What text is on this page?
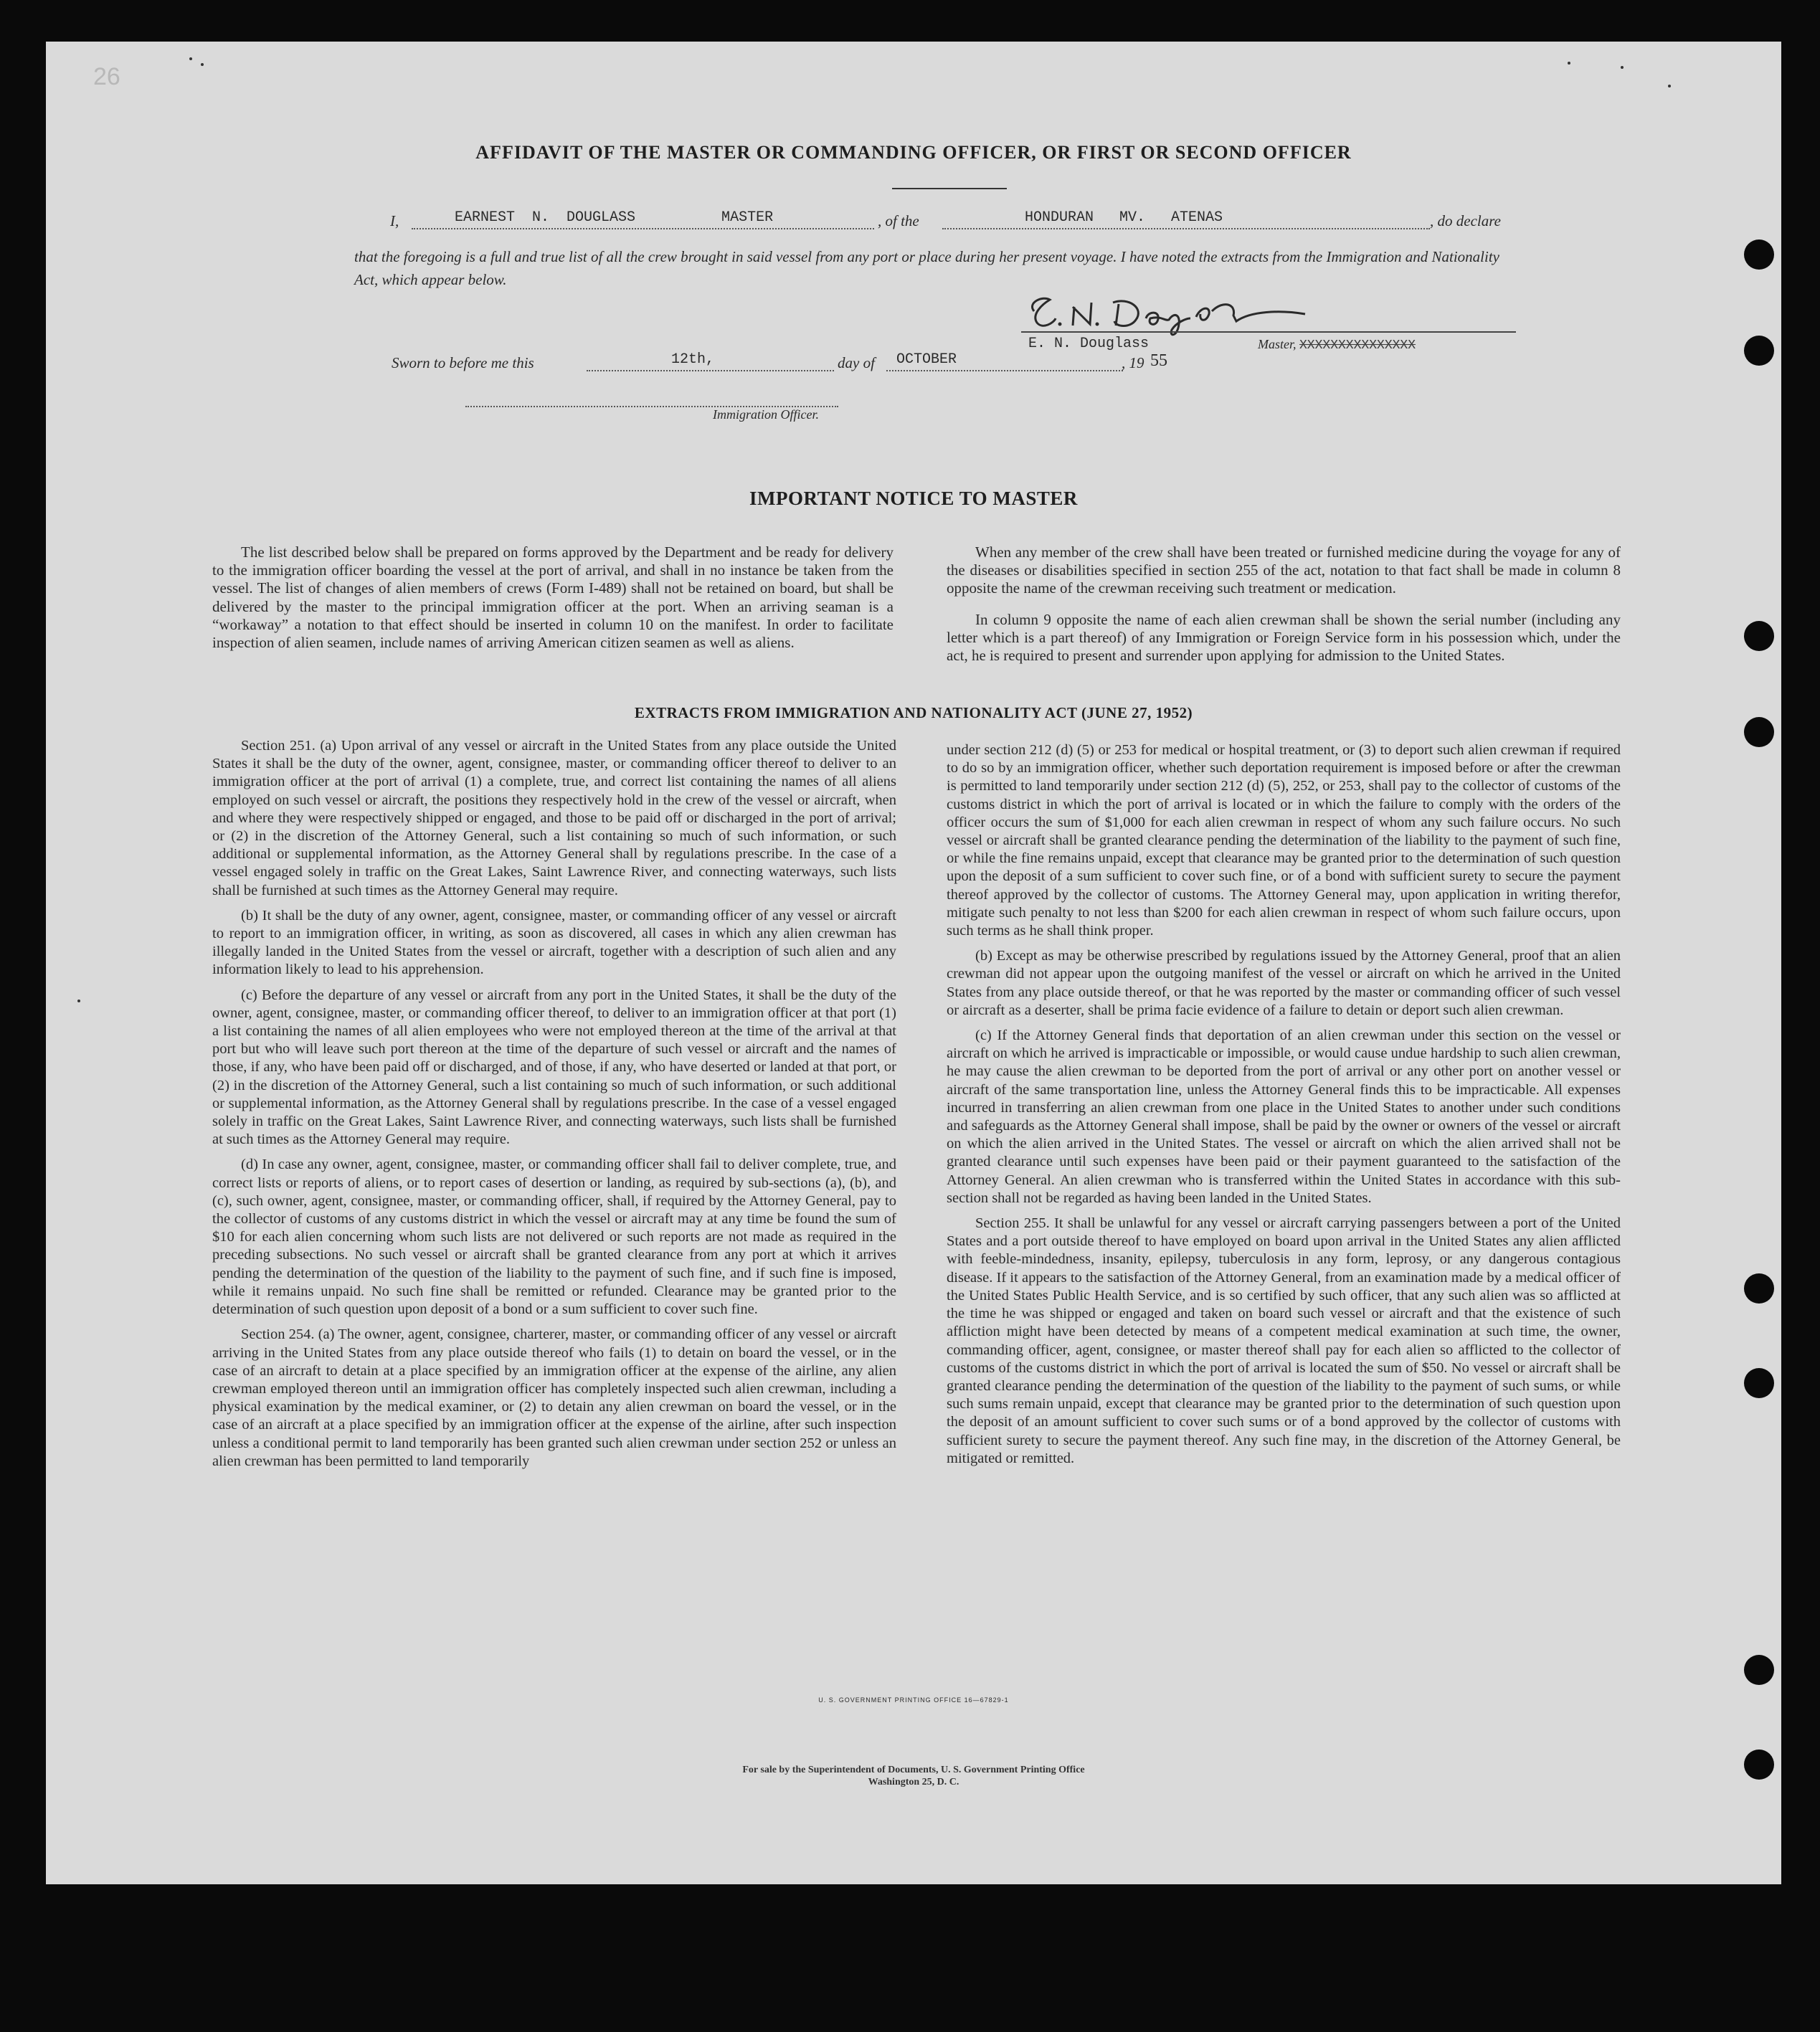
26
AFFIDAVIT OF THE MASTER OR COMMANDING OFFICER, OR FIRST OR SECOND OFFICER
I,	EARNEST  N.  DOUGLASS          MASTER	, of the	HONDURAN   MV.   ATENAS	, do declare
that the foregoing is a full and true list of all the crew brought in said vessel from any port or place during her present voyage. I have noted the extracts from the Immigration and Nationality Act, which appear below.
E. N. Douglass	Master, XXXXXXXXXXXXXXX
Sworn to before me this	12th,	day of OCTOBER	, 19 55
Immigration Officer.
IMPORTANT NOTICE TO MASTER

The list described below shall be prepared on forms approved by the Department and be ready for delivery to the immigration officer boarding the vessel at the port of arrival, and shall in no instance be taken from the vessel. The list of changes of alien members of crews (Form I-489) shall not be retained on board, but shall be delivered by the master to the principal immigration officer at the port. When an arriving seaman is a “workaway” a notation to that effect should be inserted in column 10 on the manifest. In order to facilitate inspection of alien seamen, include names of arriving American citizen seamen as well as aliens.

When any member of the crew shall have been treated or furnished medicine during the voyage for any of the diseases or disabilities specified in section 255 of the act, notation to that fact shall be made in column 8 opposite the name of the crewman receiving such treatment or medication.

In column 9 opposite the name of each alien crewman shall be shown the serial number (including any letter which is a part thereof) of any Immigration or Foreign Service form in his possession which, under the act, he is required to present and surrender upon applying for admission to the United States.

EXTRACTS FROM IMMIGRATION AND NATIONALITY ACT (JUNE 27, 1952)

Section 251. (a) Upon arrival of any vessel or aircraft in the United States from any place outside the United States it shall be the duty of the owner, agent, consignee, master, or commanding officer thereof to deliver to an immigration officer at the port of arrival (1) a complete, true, and correct list containing the names of all aliens employed on such vessel or aircraft, the positions they respectively hold in the crew of the vessel or aircraft, when and where they were respectively shipped or engaged, and those to be paid off or discharged in the port of arrival; or (2) in the discretion of the Attorney General, such a list containing so much of such information, or such additional or supplemental information, as the Attorney General shall by regulations prescribe. In the case of a vessel engaged solely in traffic on the Great Lakes, Saint Lawrence River, and connecting waterways, such lists shall be furnished at such times as the Attorney General may require.

(b) It shall be the duty of any owner, agent, consignee, master, or commanding officer of any vessel or aircraft to report to an immigration officer, in writing, as soon as discovered, all cases in which any alien crewman has illegally landed in the United States from the vessel or aircraft, together with a description of such alien and any information likely to lead to his apprehension.

(c) Before the departure of any vessel or aircraft from any port in the United States, it shall be the duty of the owner, agent, consignee, master, or commanding officer thereof, to deliver to an immigration officer at that port (1) a list containing the names of all alien employees who were not employed thereon at the time of the arrival at that port but who will leave such port thereon at the time of the departure of such vessel or aircraft and the names of those, if any, who have been paid off or discharged, and of those, if any, who have deserted or landed at that port, or (2) in the discretion of the Attorney General, such a list containing so much of such information, or such additional or supplemental information, as the Attorney General shall by regulations prescribe. In the case of a vessel engaged solely in traffic on the Great Lakes, Saint Lawrence River, and connecting waterways, such lists shall be furnished at such times as the Attorney General may require.

(d) In case any owner, agent, consignee, master, or commanding officer shall fail to deliver complete, true, and correct lists or reports of aliens, or to report cases of desertion or landing, as required by sub-sections (a), (b), and (c), such owner, agent, consignee, master, or commanding officer, shall, if required by the Attorney General, pay to the collector of customs of any customs district in which the vessel or aircraft may at any time be found the sum of $10 for each alien concerning whom such lists are not delivered or such reports are not made as required in the preceding subsections. No such vessel or aircraft shall be granted clearance from any port at which it arrives pending the determination of the question of the liability to the payment of such fine, and if such fine is imposed, while it remains unpaid. No such fine shall be remitted or refunded. Clearance may be granted prior to the determination of such question upon deposit of a bond or a sum sufficient to cover such fine.

Section 254. (a) The owner, agent, consignee, charterer, master, or commanding officer of any vessel or aircraft arriving in the United States from any place outside thereof who fails (1) to detain on board the vessel, or in the case of an aircraft to detain at a place specified by an immigration officer at the expense of the airline, any alien crewman employed thereon until an immigration officer has completely inspected such alien crewman, including a physical examination by the medical examiner, or (2) to detain any alien crewman on board the vessel, or in the case of an aircraft at a place specified by an immigration officer at the expense of the airline, after such inspection unless a conditional permit to land temporarily has been granted such alien crewman under section 252 or unless an alien crewman has been permitted to land temporarily

under section 212 (d) (5) or 253 for medical or hospital treatment, or (3) to deport such alien crewman if required to do so by an immigration officer, whether such deportation requirement is imposed before or after the crewman is permitted to land temporarily under section 212 (d) (5), 252, or 253, shall pay to the collector of customs of the customs district in which the port of arrival is located or in which the failure to comply with the orders of the officer occurs the sum of $1,000 for each alien crewman in respect of whom any such failure occurs. No such vessel or aircraft shall be granted clearance pending the determination of the liability to the payment of such fine, or while the fine remains unpaid, except that clearance may be granted prior to the determination of such question upon the deposit of a sum sufficient to cover such fine, or of a bond with sufficient surety to secure the payment thereof approved by the collector of customs. The Attorney General may, upon application in writing therefor, mitigate such penalty to not less than $200 for each alien crewman in respect of whom such failure occurs, upon such terms as he shall think proper.

(b) Except as may be otherwise prescribed by regulations issued by the Attorney General, proof that an alien crewman did not appear upon the outgoing manifest of the vessel or aircraft on which he arrived in the United States from any place outside thereof, or that he was reported by the master or commanding officer of such vessel or aircraft as a deserter, shall be prima facie evidence of a failure to detain or deport such alien crewman.

(c) If the Attorney General finds that deportation of an alien crewman under this section on the vessel or aircraft on which he arrived is impracticable or impossible, or would cause undue hardship to such alien crewman, he may cause the alien crewman to be deported from the port of arrival or any other port on another vessel or aircraft of the same transportation line, unless the Attorney General finds this to be impracticable. All expenses incurred in transferring an alien crewman from one place in the United States to another under such conditions and safeguards as the Attorney General shall impose, shall be paid by the owner or owners of the vessel or aircraft on which the alien arrived in the United States. The vessel or aircraft on which the alien arrived shall not be granted clearance until such expenses have been paid or their payment guaranteed to the satisfaction of the Attorney General. An alien crewman who is transferred within the United States in accordance with this sub-section shall not be regarded as having been landed in the United States.

Section 255. It shall be unlawful for any vessel or aircraft carrying passengers between a port of the United States and a port outside thereof to have employed on board upon arrival in the United States any alien afflicted with feeble-mindedness, insanity, epilepsy, tuberculosis in any form, leprosy, or any dangerous contagious disease. If it appears to the satisfaction of the Attorney General, from an examination made by a medical officer of the United States Public Health Service, and is so certified by such officer, that any such alien was so afflicted at the time he was shipped or engaged and taken on board such vessel or aircraft and that the existence of such affliction might have been detected by means of a competent medical examination at such time, the owner, commanding officer, agent, consignee, or master thereof shall pay for each alien so afflicted to the collector of customs of the customs district in which the port of arrival is located the sum of $50. No vessel or aircraft shall be granted clearance pending the determination of the question of the liability to the payment of such sums, or while such sums remain unpaid, except that clearance may be granted prior to the determination of such question upon the deposit of an amount sufficient to cover such sums or of a bond approved by the collector of customs with sufficient surety to secure the payment thereof. Any such fine may, in the discretion of the Attorney General, be mitigated or remitted.

U. S. GOVERNMENT PRINTING OFFICE 16—67829-1
For sale by the Superintendent of Documents, U. S. Government Printing Office
Washington 25, D. C.
